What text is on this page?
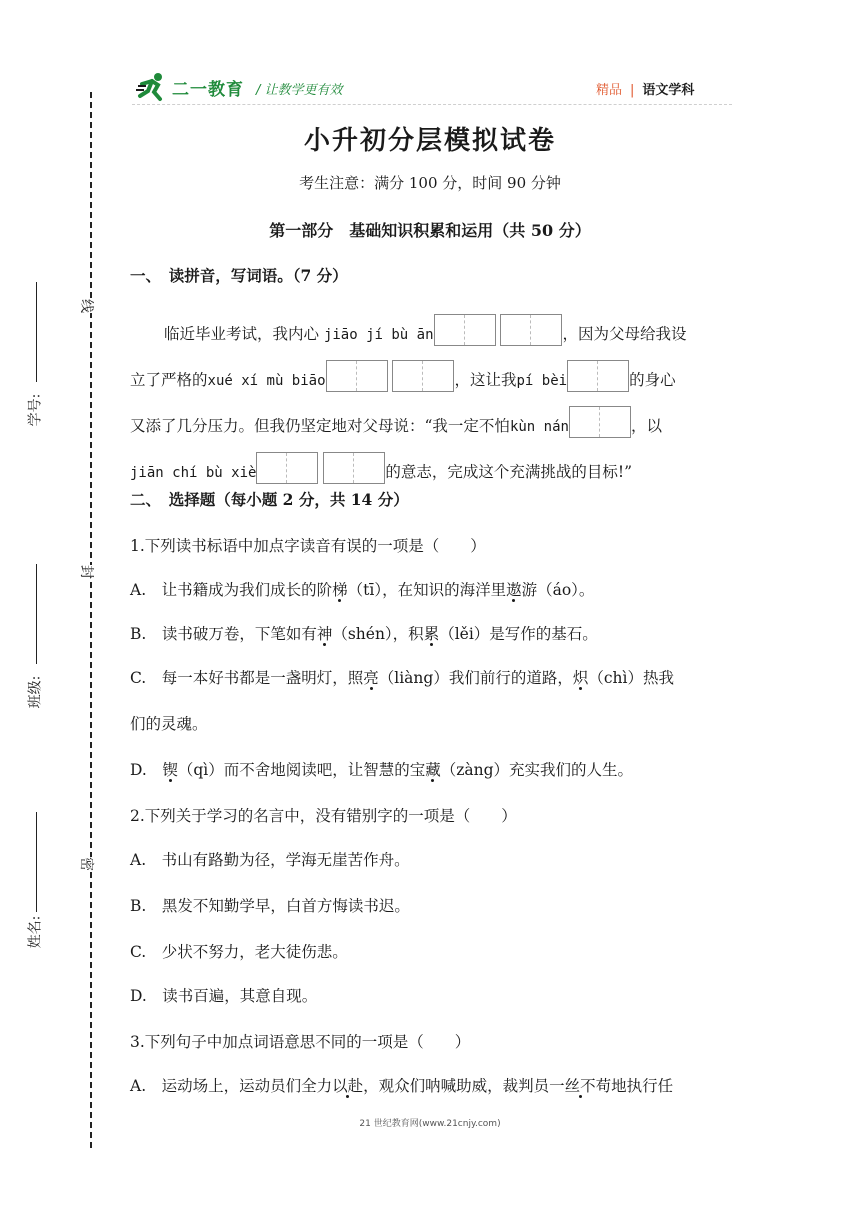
二一教育 / 让教学更有效	精品 | 语文学科
线
封
密
学号:
班级:
姓名:
小升初分层模拟试卷
考生注意：满分 100 分，时间 90 分钟
第一部分　基础知识积累和运用（共 50 分）
一、　读拼音，写词语。（7 分）
临近毕业考试，我内心 jiāo jí bù ān	，因为父母给我设
立了严格的xué xí mù biāo	，这让我pí bèi	的身心
又添了几分压力。但我仍坚定地对父母说：“我一定不怕kùn nán	，以
jiān chí bù xiè	的意志，完成这个充满挑战的目标!”
二、　选择题（每小题 2 分，共 14 分）
1.下列读书标语中加点字读音有误的一项是（　　）
A.　让书籍成为我们成长的阶梯（tī），在知识的海洋里遨游（áo）。
B.　读书破万卷，下笔如有神（shén），积累（lěi）是写作的基石。
C.　每一本好书都是一盏明灯，照亮（liàng）我们前行的道路，炽（chì）热我
们的灵魂。
D.　锲（qì）而不舍地阅读吧，让智慧的宝藏（zàng）充实我们的人生。
2.下列关于学习的名言中，没有错别字的一项是（　　）
A.　书山有路勤为径，学海无崖苦作舟。
B.　黑发不知勤学早，白首方悔读书迟。
C.　少状不努力，老大徒伤悲。
D.　读书百遍，其意自现。
3.下列句子中加点词语意思不同的一项是（　　）
A.　运动场上，运动员们全力以赴，观众们呐喊助威，裁判员一丝不苟地执行任
21 世纪教育网(www.21cnjy.com)
